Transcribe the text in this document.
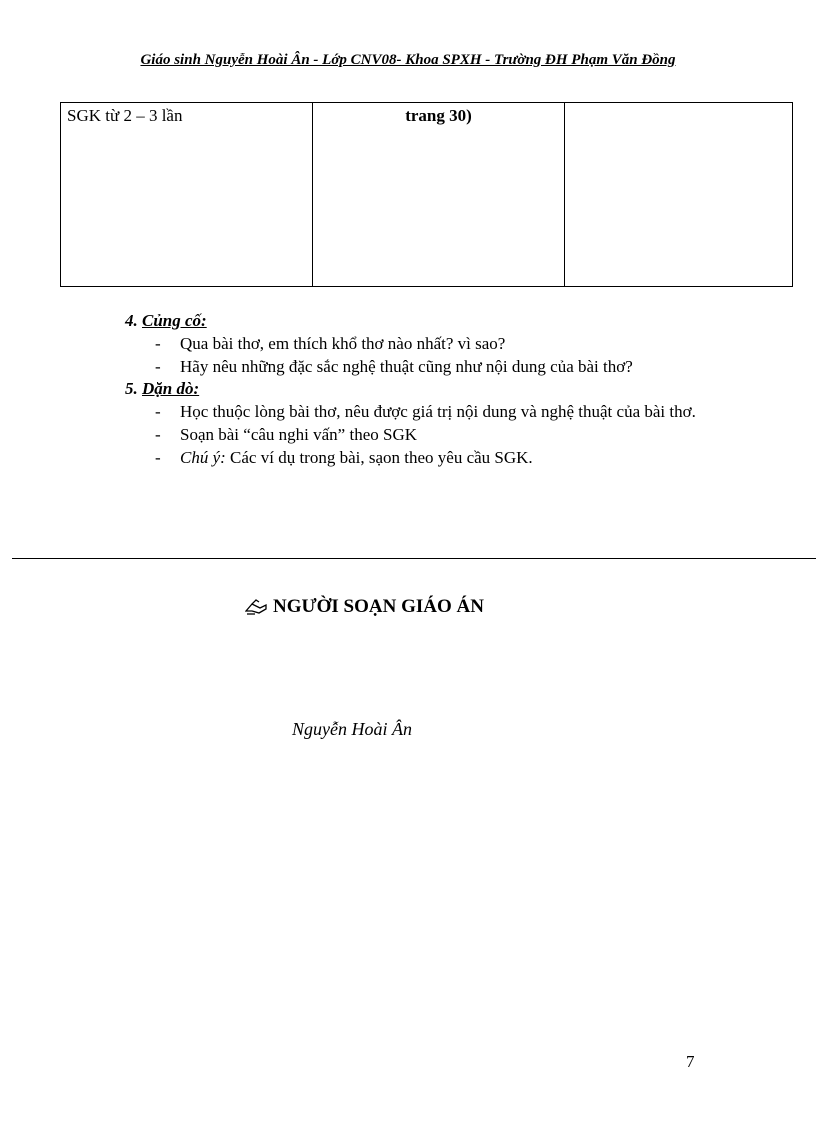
Giáo sinh Nguyễn Hoài Ân - Lớp CNV08- Khoa SPXH - Trường ĐH Phạm Văn Đồng
SGK từ 2 – 3 lần	trang 30)	
4. Củng cố:
- Qua bài thơ, em thích khổ thơ nào nhất? vì sao?
- Hãy nêu những đặc sắc nghệ thuật cũng như nội dung của bài thơ?
5. Dặn dò:
- Học thuộc lòng bài thơ, nêu được giá trị nội dung và nghệ thuật của bài thơ.
- Soạn bài “câu nghi vấn” theo SGK
- Chú ý: Các ví dụ trong bài, sạon theo yêu cầu SGK.
NGƯỜI SOẠN GIÁO ÁN
Nguyễn Hoài Ân
7
